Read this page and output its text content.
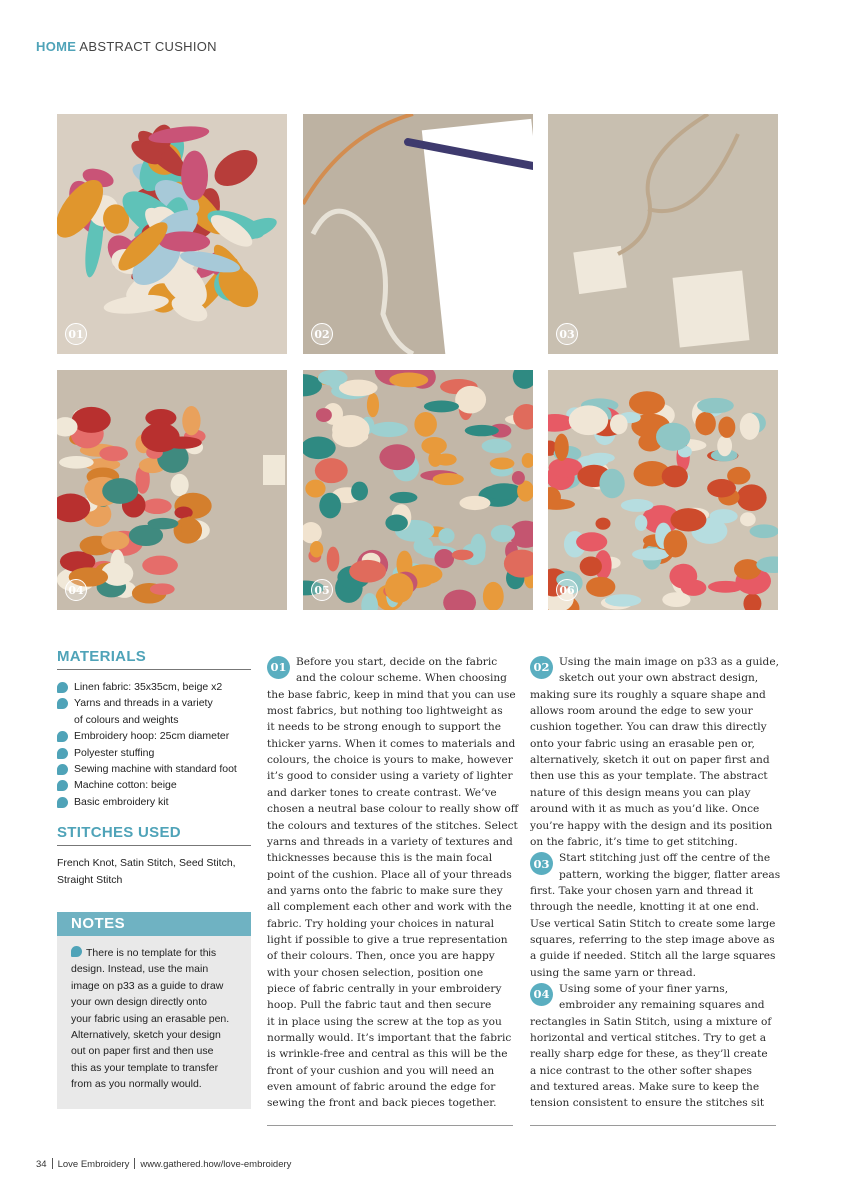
HOME ABSTRACT CUSHION
01	02	03
04	05	06
MATERIALS
Linen fabric: 35x35cm, beige x2
Yarns and threads in a variety
of colours and weights
Embroidery hoop: 25cm diameter
Polyester stuffing
Sewing machine with standard foot
Machine cotton: beige
Basic embroidery kit
STITCHES USED
French Knot, Satin Stitch, Seed Stitch,
Straight Stitch
NOTES
There is no template for this
design. Instead, use the main
image on p33 as a guide to draw
your own design directly onto
your fabric using an erasable pen.
Alternatively, sketch your design
out on paper first and then use
this as your template to transfer
from as you normally would.
01 Before you start, decide on the fabric
and the colour scheme. When choosing
the base fabric, keep in mind that you can use
most fabrics, but nothing too lightweight as
it needs to be strong enough to support the
thicker yarns. When it comes to materials and
colours, the choice is yours to make, however
it’s good to consider using a variety of lighter
and darker tones to create contrast. We’ve
chosen a neutral base colour to really show off
the colours and textures of the stitches. Select
yarns and threads in a variety of textures and
thicknesses because this is the main focal
point of the cushion. Place all of your threads
and yarns onto the fabric to make sure they
all complement each other and work with the
fabric. Try holding your choices in natural
light if possible to give a true representation
of their colours. Then, once you are happy
with your chosen selection, position one
piece of fabric centrally in your embroidery
hoop. Pull the fabric taut and then secure
it in place using the screw at the top as you
normally would. It’s important that the fabric
is wrinkle-free and central as this will be the
front of your cushion and you will need an
even amount of fabric around the edge for
sewing the front and back pieces together.
02 Using the main image on p33 as a guide,
sketch out your own abstract design,
making sure its roughly a square shape and
allows room around the edge to sew your
cushion together. You can draw this directly
onto your fabric using an erasable pen or,
alternatively, sketch it out on paper first and
then use this as your template. The abstract
nature of this design means you can play
around with it as much as you’d like. Once
you’re happy with the design and its position
on the fabric, it’s time to get stitching.
03 Start stitching just off the centre of the
pattern, working the bigger, flatter areas
first. Take your chosen yarn and thread it
through the needle, knotting it at one end.
Use vertical Satin Stitch to create some large
squares, referring to the step image above as
a guide if needed. Stitch all the large squares
using the same yarn or thread.
04 Using some of your finer yarns,
embroider any remaining squares and
rectangles in Satin Stitch, using a mixture of
horizontal and vertical stitches. Try to get a
really sharp edge for these, as they’ll create
a nice contrast to the other softer shapes
and textured areas. Make sure to keep the
tension consistent to ensure the stitches sit
34 Love Embroidery www.gathered.how/love-embroidery
